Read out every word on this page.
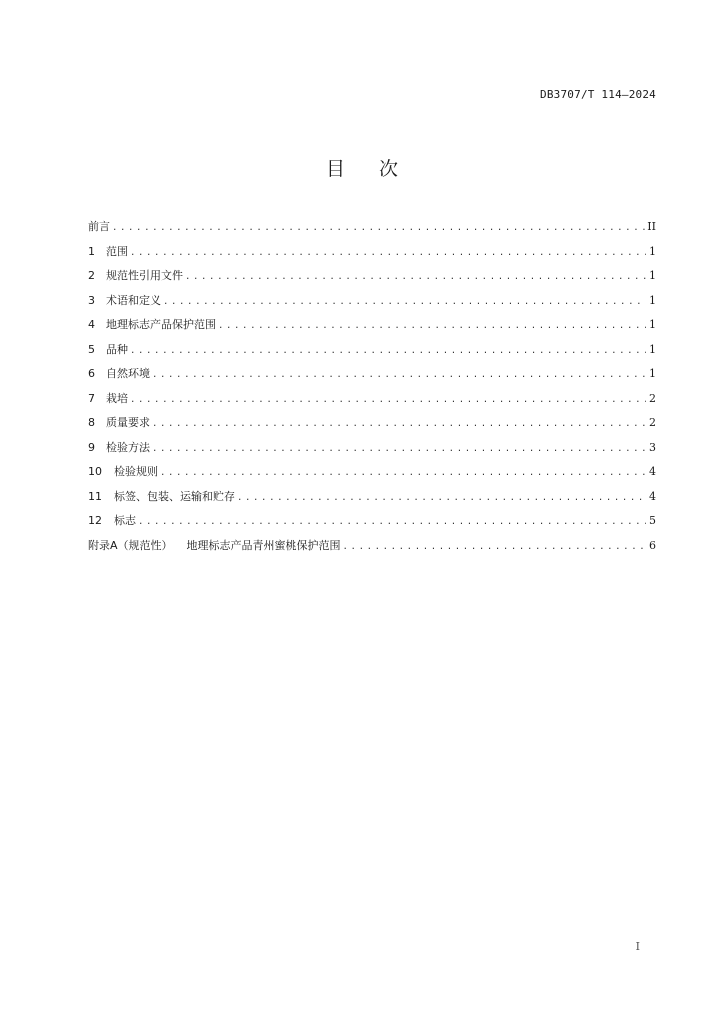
DB3707/T 114—2024
目次
前言 .....	II
1	范围 .....	1
2	规范性引用文件 .....	1
3	术语和定义 .....	1
4	地理标志产品保护范围 .....	1
5	品种 .....	1
6	自然环境 .....	1
7	栽培 .....	2
8	质量要求 .....	2
9	检验方法 .....	3
10	检验规则 .....	4
11	标签、包装、运输和贮存 .....	4
12	标志 .....	5
附录A（规范性）	地理标志产品青州蜜桃保护范围 .....	6
I
